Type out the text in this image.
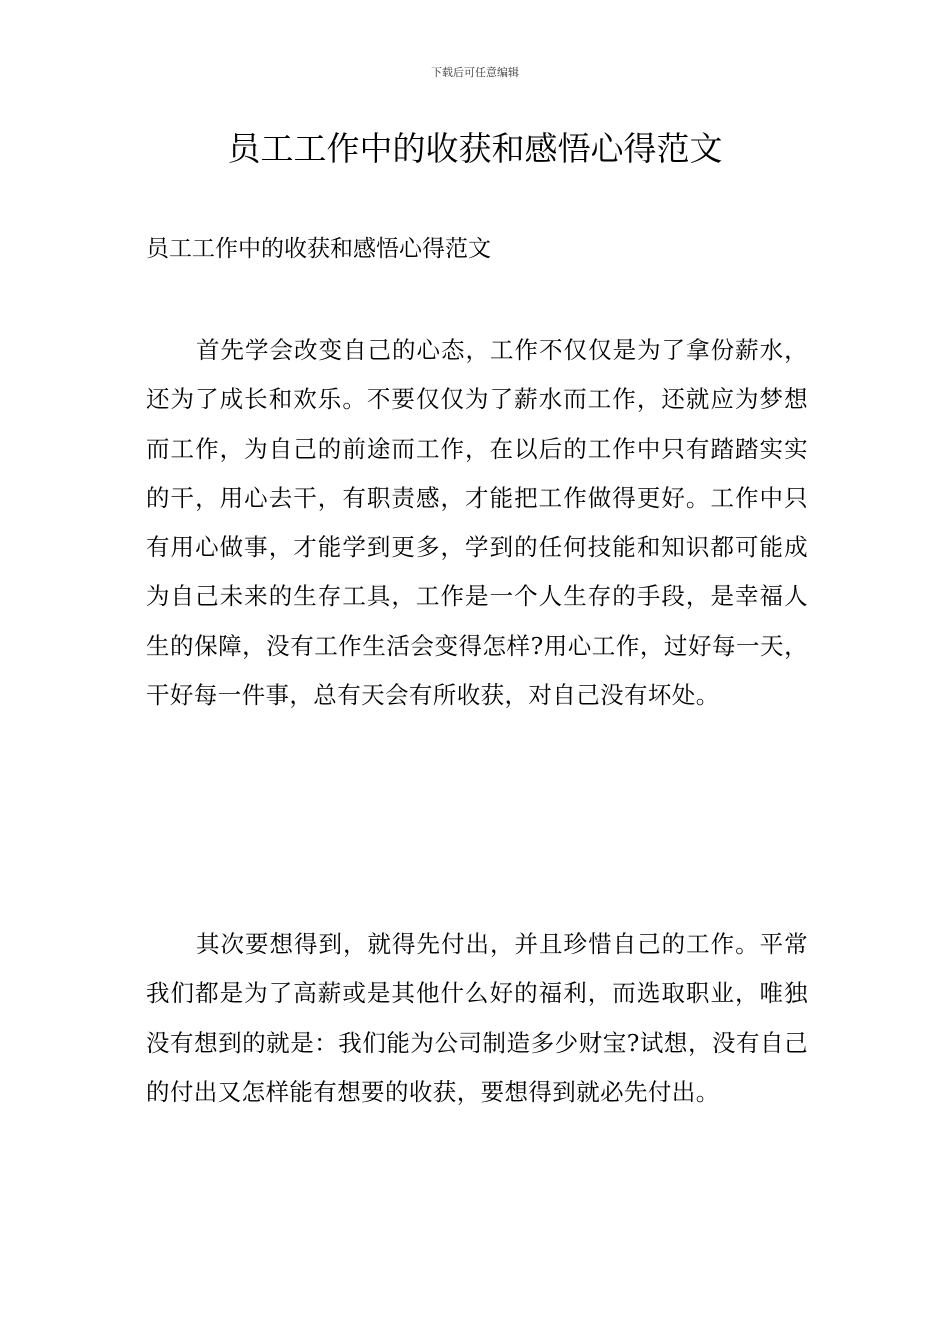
下载后可任意编辑
员工工作中的收获和感悟心得范文

员工工作中的收获和感悟心得范文

首先学会改变自己的心态，工作不仅仅是为了拿份薪水，还为了成长和欢乐。不要仅仅为了薪水而工作，还就应为梦想而工作，为自己的前途而工作，在以后的工作中只有踏踏实实的干，用心去干，有职责感，才能把工作做得更好。工作中只有用心做事，才能学到更多，学到的任何技能和知识都可能成为自己未来的生存工具，工作是一个人生存的手段，是幸福人生的保障，没有工作生活会变得怎样?用心工作，过好每一天，干好每一件事，总有天会有所收获，对自己没有坏处。

其次要想得到，就得先付出，并且珍惜自己的工作。平常我们都是为了高薪或是其他什么好的福利，而选取职业，唯独没有想到的就是：我们能为公司制造多少财宝?试想，没有自己的付出又怎样能有想要的收获，要想得到就必先付出。
